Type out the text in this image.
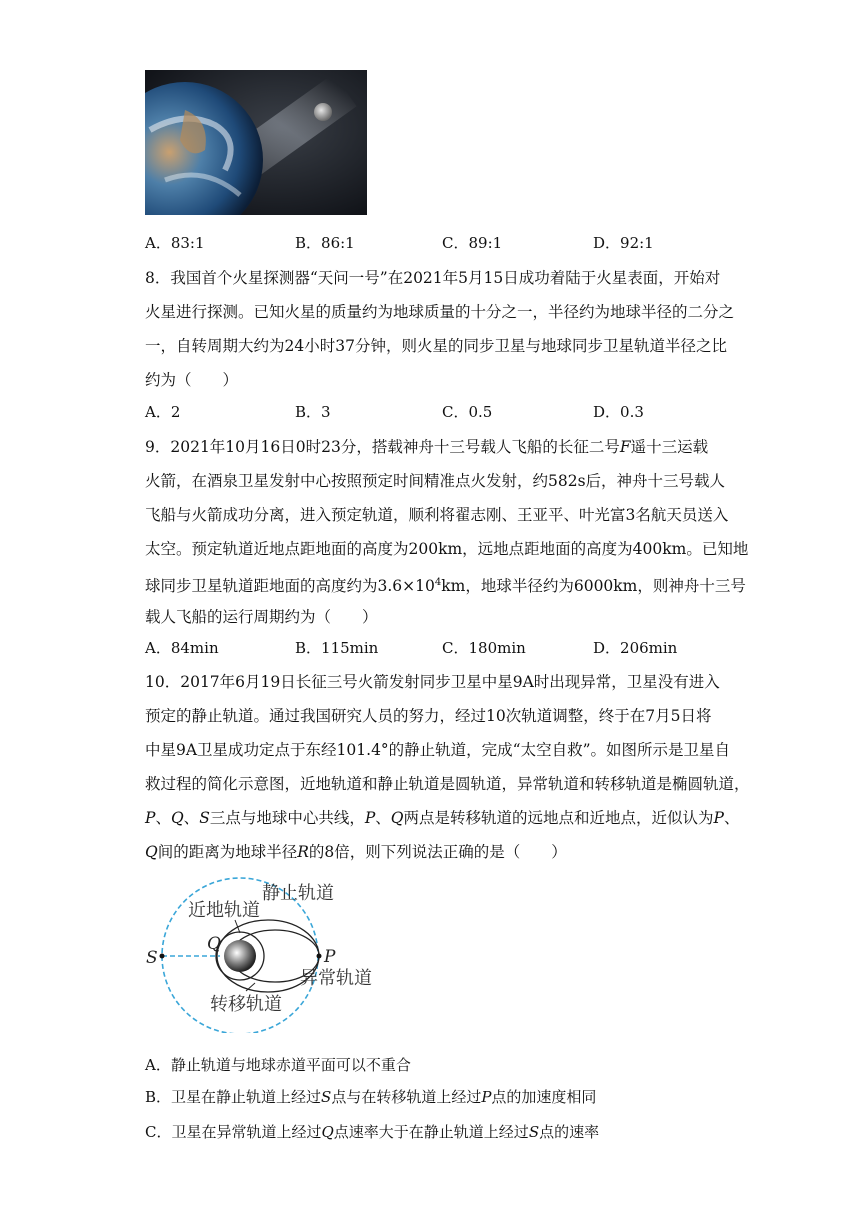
A．83:1	B．86:1	C．89:1	D．92:1
8．我国首个火星探测器“天问一号”在2021年5月15日成功着陆于火星表面，开始对
火星进行探测。已知火星的质量约为地球质量的十分之一，半径约为地球半径的二分之
一，自转周期大约为24小时37分钟，则火星的同步卫星与地球同步卫星轨道半径之比
约为（　　）
A．2	B．3	C．0.5	D．0.3
9．2021年10月16日0时23分，搭载神舟十三号载人飞船的长征二号F遥十三运载
火箭，在酒泉卫星发射中心按照预定时间精准点火发射，约582s后，神舟十三号载人
飞船与火箭成功分离，进入预定轨道，顺利将翟志刚、王亚平、叶光富3名航天员送入
太空。预定轨道近地点距地面的高度为200km，远地点距地面的高度为400km。已知地
球同步卫星轨道距地面的高度约为$3.6\times 10^4km$，地球半径约为6000km，则神舟十三号
载人飞船的运行周期约为（　　）
A．84min	B．115min	C．180min	D．206min
10．2017年6月19日长征三号火箭发射同步卫星中星9A时出现异常，卫星没有进入
预定的静止轨道。通过我国研究人员的努力，经过10次轨道调整，终于在7月5日将
中星9A卫星成功定点于东经101.4°的静止轨道，完成“太空自救”。如图所示是卫星自
救过程的简化示意图，近地轨道和静止轨道是圆轨道，异常轨道和转移轨道是椭圆轨道，
P、Q、S三点与地球中心共线，P、Q两点是转移轨道的远地点和近地点，近似认为P、
Q间的距离为地球半径R的8倍，则下列说法正确的是（　　）
静止轨道
近地轨道
异常轨道
转移轨道
S
Q
P
A．静止轨道与地球赤道平面可以不重合
B．卫星在静止轨道上经过S点与在转移轨道上经过P点的加速度相同
C．卫星在异常轨道上经过Q点速率大于在静止轨道上经过S点的速率
